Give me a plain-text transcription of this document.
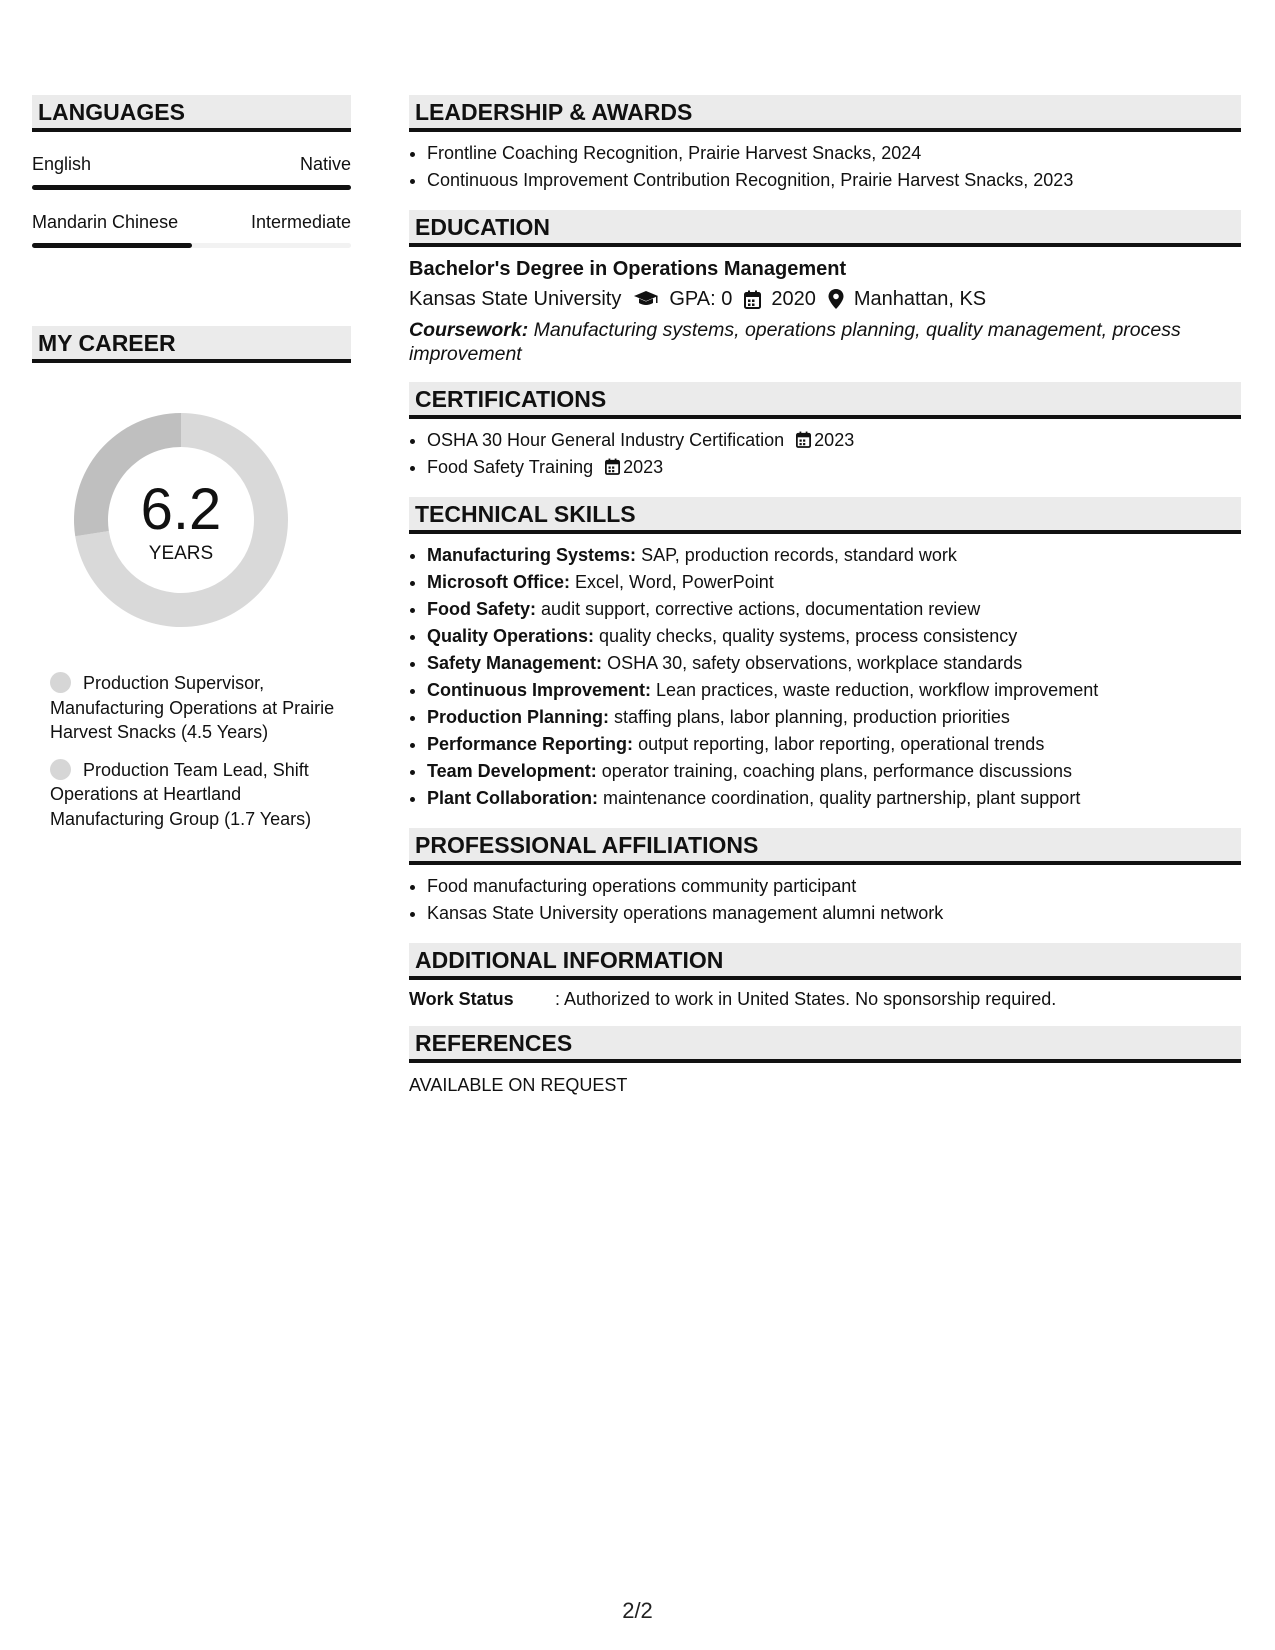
LANGUAGES
English	Native
Mandarin Chinese	Intermediate
MY CAREER
6.2
YEARS
Production Supervisor, Manufacturing Operations at Prairie Harvest Snacks (4.5 Years)
Production Team Lead, Shift Operations at Heartland Manufacturing Group (1.7 Years)
LEADERSHIP & AWARDS
• Frontline Coaching Recognition, Prairie Harvest Snacks, 2024
• Continuous Improvement Contribution Recognition, Prairie Harvest Snacks, 2023
EDUCATION
Bachelor's Degree in Operations Management
Kansas State University GPA: 0 2020 Manhattan, KS
Coursework: Manufacturing systems, operations planning, quality management, process improvement
CERTIFICATIONS
• OSHA 30 Hour General Industry Certification 2023
• Food Safety Training 2023
TECHNICAL SKILLS
• Manufacturing Systems: SAP, production records, standard work
• Microsoft Office: Excel, Word, PowerPoint
• Food Safety: audit support, corrective actions, documentation review
• Quality Operations: quality checks, quality systems, process consistency
• Safety Management: OSHA 30, safety observations, workplace standards
• Continuous Improvement: Lean practices, waste reduction, workflow improvement
• Production Planning: staffing plans, labor planning, production priorities
• Performance Reporting: output reporting, labor reporting, operational trends
• Team Development: operator training, coaching plans, performance discussions
• Plant Collaboration: maintenance coordination, quality partnership, plant support
PROFESSIONAL AFFILIATIONS
• Food manufacturing operations community participant
• Kansas State University operations management alumni network
ADDITIONAL INFORMATION
Work Status	: Authorized to work in United States. No sponsorship required.
REFERENCES
AVAILABLE ON REQUEST
2/2
